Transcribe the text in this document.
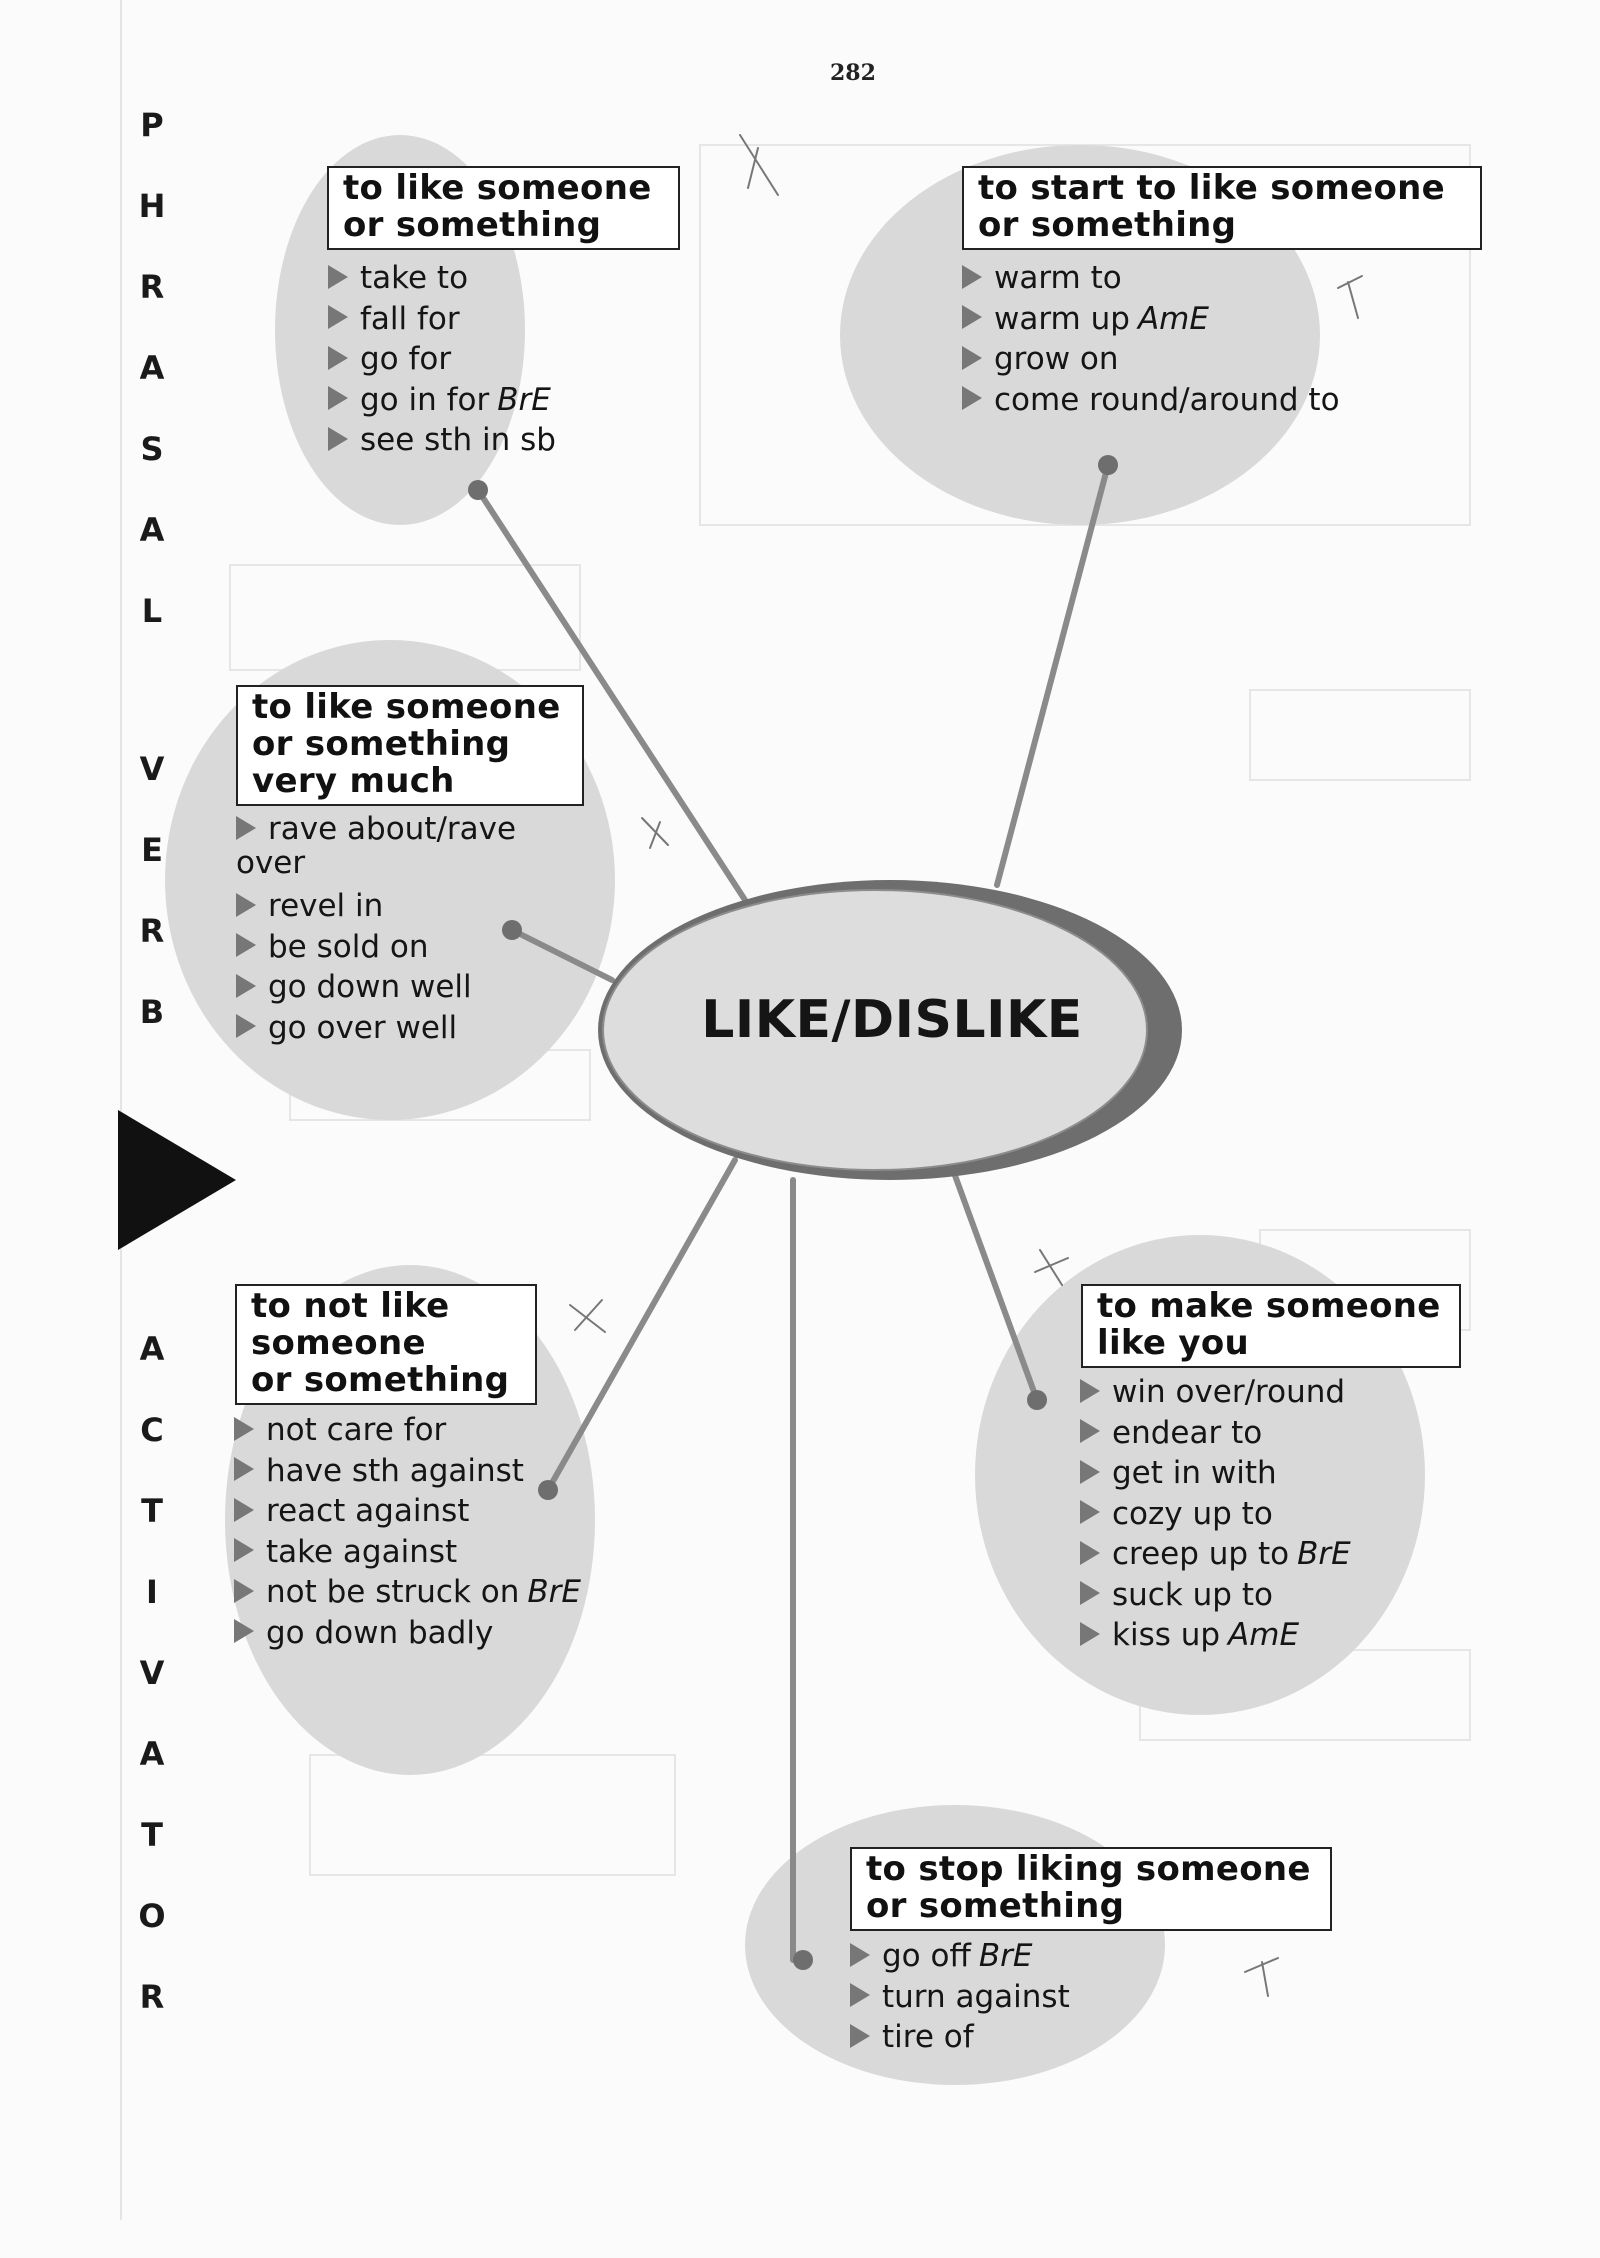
282
P
H
R
A
S
A
L
V
E
R
B
A
C
T
I
V
A
T
O
R
LIKE/DISLIKE
to like someone
or something
take to
fall for
go for
go in for BrE
see sth in sb
to start to like someone
or something
warm to
warm up AmE
grow on
come round/around to
to like someone
or something
very much
rave about/rave over
revel in
be sold on
go down well
go over well
to not like
someone
or something
not care for
have sth against
react against
take against
not be struck on BrE
go down badly
to make someone
like you
win over/round
endear to
get in with
cozy up to
creep up to BrE
suck up to
kiss up AmE
to stop liking someone
or something
go off BrE
turn against
tire of
